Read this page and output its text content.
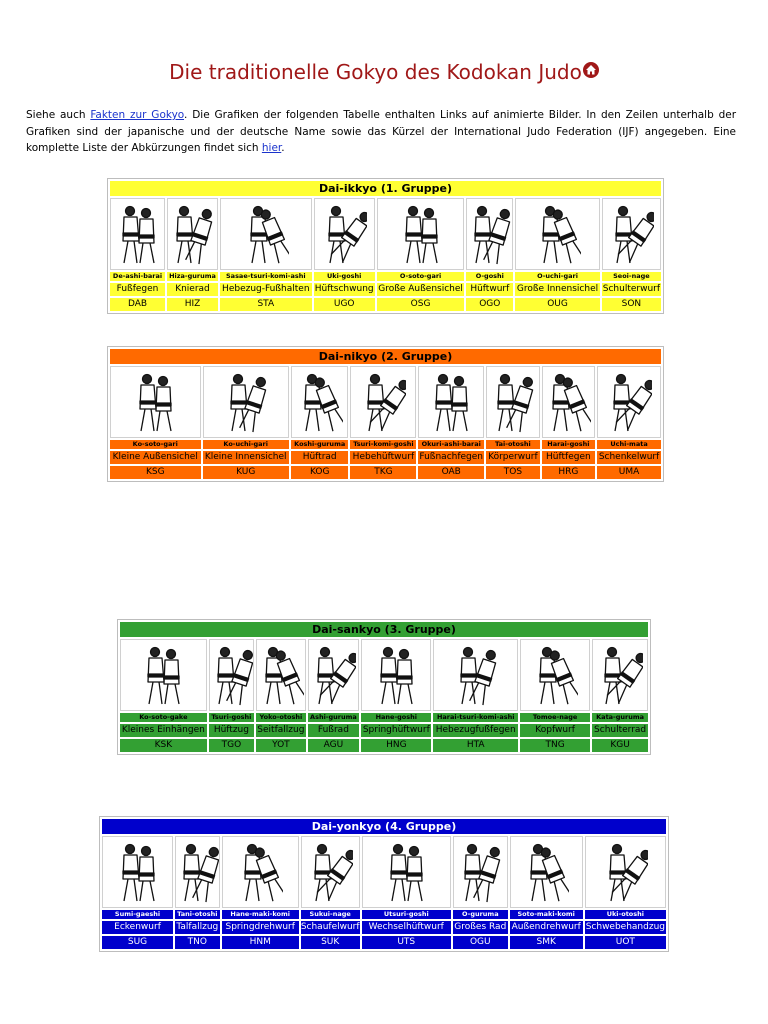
Die traditionelle Gokyo des Kodokan Judo
Siehe auch Fakten zur Gokyo. Die Grafiken der folgenden Tabelle enthalten Links auf animierte Bilder. In den Zeilen unterhalb der Grafiken sind der japanische und der deutsche Name sowie das Kürzel der International Judo Federation (IJF) angegeben. Eine komplette Liste der Abkürzungen findet sich hier.
Dai-ikkyo (1. Gruppe)							

De-ashi-barai	Hiza-guruma	Sasae-tsuri-komi-ashi	Uki-goshi	O-soto-gari	O-goshi	O-uchi-gari	Seoi-nage
Fußfegen	Knierad	Hebezug-Fußhalten	Hüftschwung	Große Außensichel	Hüftwurf	Große Innensichel	Schulterwurf
DAB	HIZ	STA	UGO	OSG	OGO	OUG	SON
Dai-nikyo (2. Gruppe)							

Ko-soto-gari	Ko-uchi-gari	Koshi-guruma	Tsuri-komi-goshi	Okuri-ashi-barai	Tai-otoshi	Harai-goshi	Uchi-mata
Kleine Außensichel	Kleine Innensichel	Hüftrad	Hebehüftwurf	Fußnachfegen	Körperwurf	Hüftfegen	Schenkelwurf
KSG	KUG	KOG	TKG	OAB	TOS	HRG	UMA
Dai-sankyo (3. Gruppe)							

Ko-soto-gake	Tsuri-goshi	Yoko-otoshi	Ashi-guruma	Hane-goshi	Harai-tsuri-komi-ashi	Tomoe-nage	Kata-guruma
Kleines Einhängen	Hüftzug	Seitfallzug	Fußrad	Springhüftwurf	Hebezugfußfegen	Kopfwurf	Schulterrad
KSK	TGO	YOT	AGU	HNG	HTA	TNG	KGU
Dai-yonkyo (4. Gruppe)							

Sumi-gaeshi	Tani-otoshi	Hane-maki-komi	Sukui-nage	Utsuri-goshi	O-guruma	Soto-maki-komi	Uki-otoshi
Eckenwurf	Talfallzug	Springdrehwurf	Schaufelwurf	Wechselhüftwurf	Großes Rad	Außendrehwurf	Schwebehandzug
SUG	TNO	HNM	SUK	UTS	OGU	SMK	UOT
